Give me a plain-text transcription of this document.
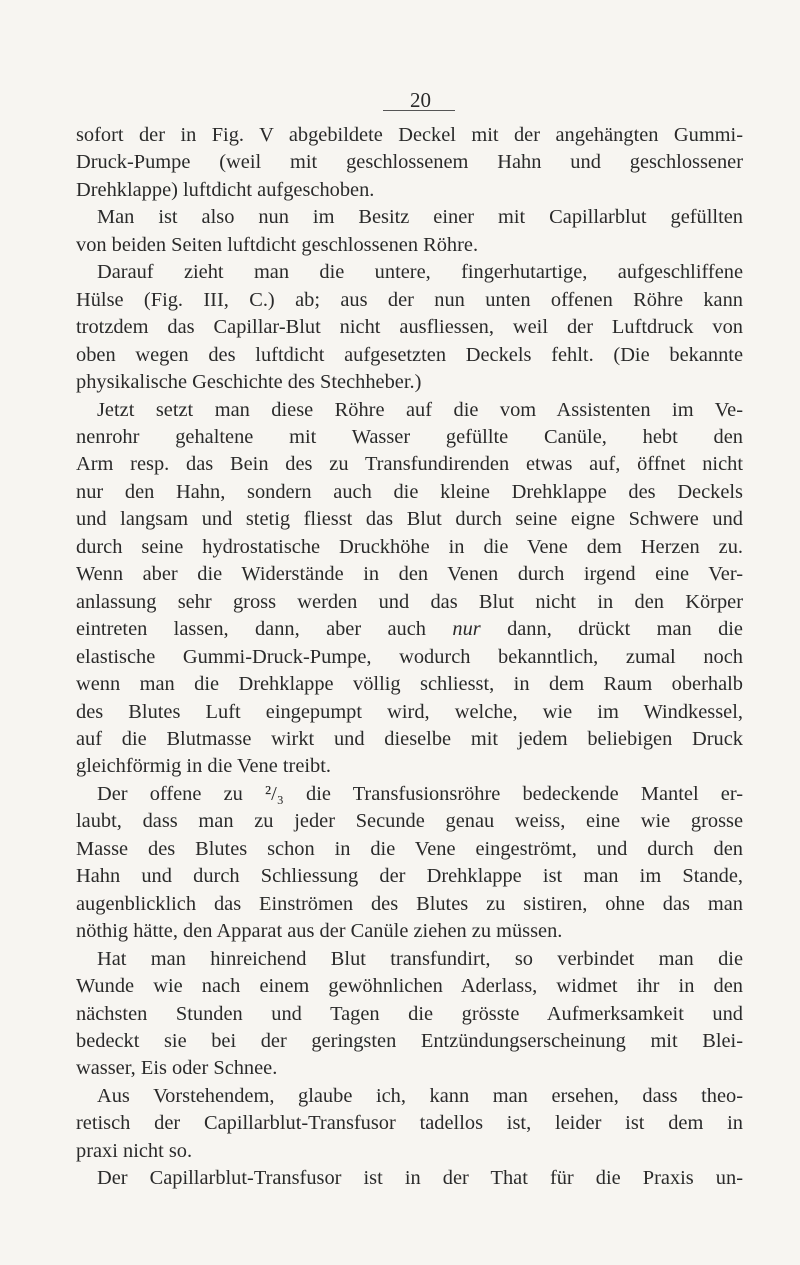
20

sofort der in Fig. V abgebildete Deckel mit der angehängten Gummi-

Druck-Pumpe (weil mit geschlossenem Hahn und geschlossener

Drehklappe) luftdicht aufgeschoben.

Man ist also nun im Besitz einer mit Capillarblut gefüllten

von beiden Seiten luftdicht geschlossenen Röhre.

Darauf zieht man die untere, fingerhutartige, aufgeschliffene

Hülse (Fig. III, C.) ab; aus der nun unten offenen Röhre kann

trotzdem das Capillar-Blut nicht ausfliessen, weil der Luftdruck von

oben wegen des luftdicht aufgesetzten Deckels fehlt. (Die bekannte

physikalische Geschichte des Stechheber.)

Jetzt setzt man diese Röhre auf die vom Assistenten im Ve-

nenrohr gehaltene mit Wasser gefüllte Canüle, hebt den

Arm resp. das Bein des zu Transfundirenden etwas auf, öffnet nicht

nur den Hahn, sondern auch die kleine Drehklappe des Deckels

und langsam und stetig fliesst das Blut durch seine eigne Schwere und

durch seine hydrostatische Druckhöhe in die Vene dem Herzen zu.

Wenn aber die Widerstände in den Venen durch irgend eine Ver-

anlassung sehr gross werden und das Blut nicht in den Körper

eintreten lassen, dann, aber auch nur dann, drückt man die

elastische Gummi-Druck-Pumpe, wodurch bekanntlich, zumal noch

wenn man die Drehklappe völlig schliesst, in dem Raum oberhalb

des Blutes Luft eingepumpt wird, welche, wie im Windkessel,

auf die Blutmasse wirkt und dieselbe mit jedem beliebigen Druck

gleichförmig in die Vene treibt.

Der offene zu ²/₃ die Transfusionsröhre bedeckende Mantel er-

laubt, dass man zu jeder Secunde genau weiss, eine wie grosse

Masse des Blutes schon in die Vene eingeströmt, und durch den

Hahn und durch Schliessung der Drehklappe ist man im Stande,

augenblicklich das Einströmen des Blutes zu sistiren, ohne das man

nöthig hätte, den Apparat aus der Canüle ziehen zu müssen.

Hat man hinreichend Blut transfundirt, so verbindet man die

Wunde wie nach einem gewöhnlichen Aderlass, widmet ihr in den

nächsten Stunden und Tagen die grösste Aufmerksamkeit und

bedeckt sie bei der geringsten Entzündungserscheinung mit Blei-

wasser, Eis oder Schnee.

Aus Vorstehendem, glaube ich, kann man ersehen, dass theo-

retisch der Capillarblut-Transfusor tadellos ist, leider ist dem in

praxi nicht so.

Der Capillarblut-Transfusor ist in der That für die Praxis un-
